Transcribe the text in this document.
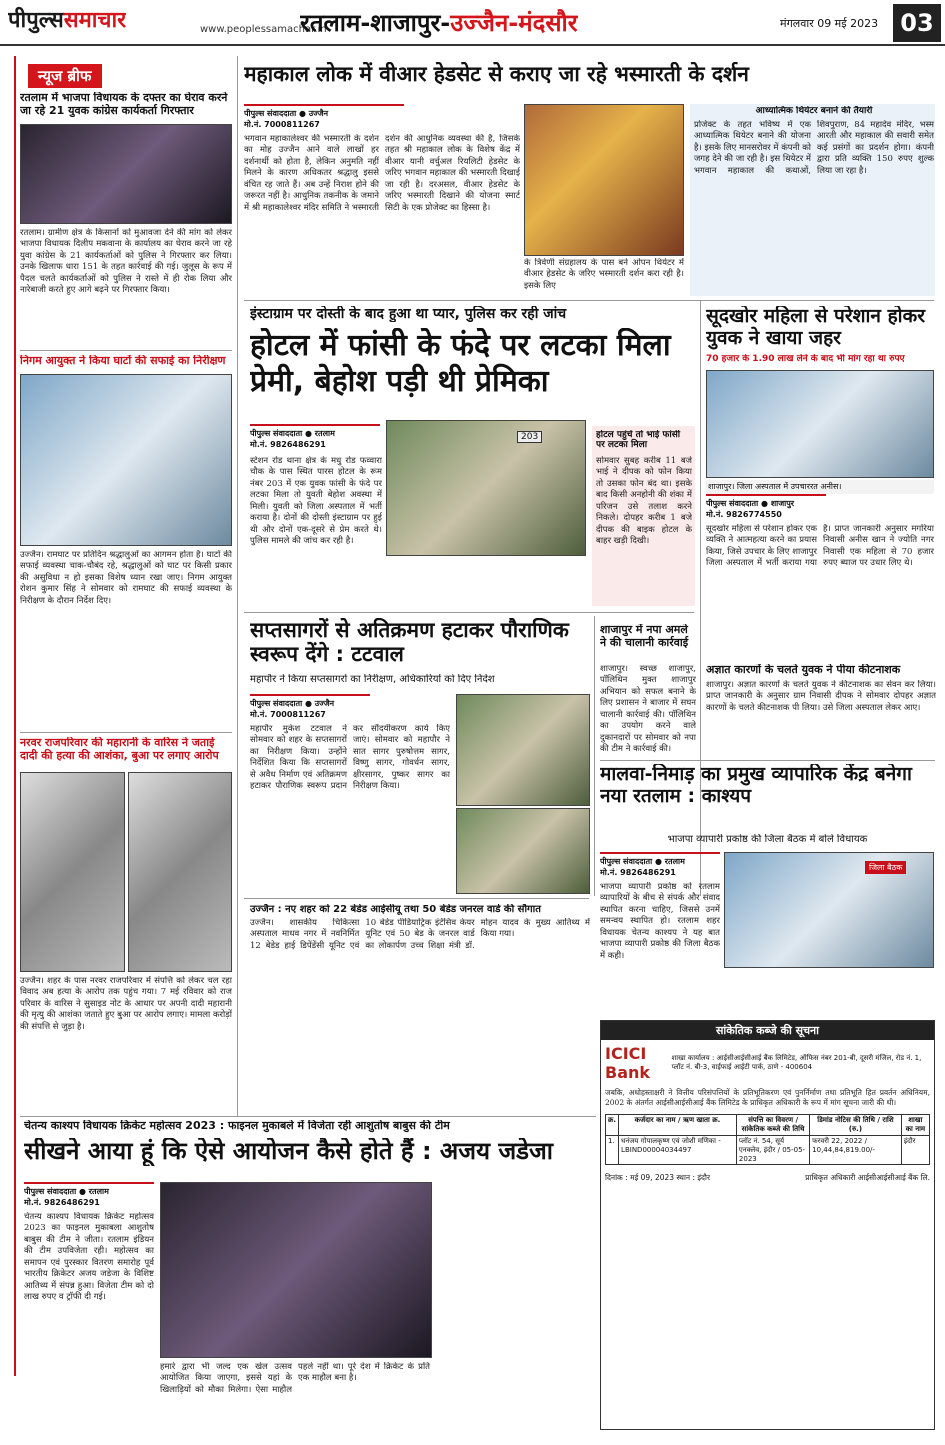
पीपुल्ससमाचार	www.peoplessamachar.in
रतलाम-शाजापुर-उज्जैन-मंदसौर	मंगलवार 09 मई 2023 03
न्यूज ब्रीफ
रतलाम में भाजपा विधायक के दफ्तर का घेराव करने जा रहे 21 युवक कांग्रेस कार्यकर्ता गिरफ्तार
रतलाम। ग्रामीण क्षेत्र के किसानों को मुआवजा देने की मांग को लेकर भाजपा विधायक दिलीप मकवाना के कार्यालय का घेराव करने जा रहे युवा कांग्रेस के 21 कार्यकर्ताओं को पुलिस ने गिरफ्तार कर लिया। उनके खिलाफ धारा 151 के तहत कार्रवाई की गई। जुलूस के रूप में पैदल चलते कार्यकर्ताओं को पुलिस ने रास्ते में ही रोक लिया और नारेबाजी करते हुए आगे बढ़ने पर गिरफ्तार किया।
निगम आयुक्त ने किया घाटों की सफाई का निरीक्षण
उज्जैन। रामघाट पर प्रतिदिन श्रद्धालुओं का आगमन होता है। घाटों की सफाई व्यवस्था चाक-चौबंद रहे, श्रद्धालुओं को घाट पर किसी प्रकार की असुविधा न हो इसका विशेष ध्यान रखा जाए। निगम आयुक्त रोशन कुमार सिंह ने सोमवार को रामघाट की सफाई व्यवस्था के निरीक्षण के दौरान निर्देश दिए।
नरवर राजपरिवार की महारानी के वारिस ने जताई दादी की हत्या की आशंका, बुआ पर लगाए आरोप
उज्जैन। शहर के पास नरवर राजपरिवार में संपत्ति को लेकर चल रहा विवाद अब हत्या के आरोप तक पहुंच गया। 7 मई रविवार को राज परिवार के वारिस ने सुसाइड नोट के आधार पर अपनी दादी महारानी की मृत्यु की आशंका जताते हुए बुआ पर आरोप लगाए। मामला करोड़ों की संपत्ति से जुड़ा है।
महाकाल लोक में वीआर हेडसेट से कराए जा रहे भस्मारती के दर्शन
पीपुल्स संवाददाता ● उज्जैन
मो.नं. 7000811267
भगवान महाकालेश्वर की भस्मारती के दर्शन का मोह उज्जैन आने वाले लाखों हर दर्शनार्थी को होता है, लेकिन अनुमति नहीं मिलने के कारण अधिकतर श्रद्धालु इससे वंचित रह जाते हैं। अब उन्हें निराश होने की जरूरत नहीं है। आधुनिक तकनीक के जमाने में श्री महाकालेश्वर मंदिर समिति ने भस्मारती दर्शन की आधुनिक व्यवस्था की है, जिसके तहत श्री महाकाल लोक के विशेष केंद्र में वीआर यानी वर्चुअल रियलिटी हेडसेट के जरिए भगवान महाकाल की भस्मारती दिखाई जा रही है। दरअसल, वीआर हेडसेट के जरिए भस्मारती दिखाने की योजना स्मार्ट सिटी के एक प्रोजेक्ट का हिस्सा है।
के त्रिवेणी संग्रहालय के पास बने ओपन थियेटर में वीआर हेडसेट के जरिए भस्मारती दर्शन करा रही है। इसके लिए
आध्यात्मिक थियेटर बनाने की तैयारी
प्रोजेक्ट के तहत भविष्य में एक आध्यात्मिक थियेटर बनाने की योजना है। इसके लिए मानसरोवर में कंपनी को जगह देने की जा रही है। इस थियेटर में भगवान महाकाल की कथाओं, शिवपुराण, 84 महादेव मंदिर, भस्म आरती और महाकाल की सवारी समेत कई प्रसंगों का प्रदर्शन होगा। कंपनी द्वारा प्रति व्यक्ति 150 रुपए शुल्क लिया जा रहा है।
इंस्टाग्राम पर दोस्ती के बाद हुआ था प्यार, पुलिस कर रही जांच
होटल में फांसी के फंदे पर लटका मिला प्रेमी, बेहोश पड़ी थी प्रेमिका
पीपुल्स संवाददाता ● रतलाम
मो.नं. 9826486291
203
स्टेशन रोड थाना क्षेत्र के मधु रोड फव्वारा चौक के पास स्थित पारस होटल के रूम नंबर 203 में एक युवक फांसी के फंदे पर लटका मिला तो युवती बेहोश अवस्था में मिली। युवती को जिला अस्पताल में भर्ती कराया है। दोनों की दोस्ती इंस्टाग्राम पर हुई थी और दोनों एक-दूसरे से प्रेम करते थे। पुलिस मामले की जांच कर रही है।
होटल पहुंचे तो भाई फांसी पर लटका मिला
सोमवार सुबह करीब 11 बजे भाई ने दीपक को फोन किया तो उसका फोन बंद था। इसके बाद किसी अनहोनी की शंका में परिजन उसे तलाश करने निकले। दोपहर करीब 1 बजे दीपक की बाइक होटल के बाहर खड़ी दिखी।
सूदखोर महिला से परेशान होकर युवक ने खाया जहर
70 हजार के 1.90 लाख लेने के बाद भी मांग रहा था रुपए
शाजापुर। जिला अस्पताल में उपचाररत अनीस।
पीपुल्स संवाददाता ● शाजापुर
मो.नं. 9826774550
सूदखोर महिला से परेशान होकर एक व्यक्ति ने आत्महत्या करने का प्रयास किया, जिसे उपचार के लिए शाजापुर जिला अस्पताल में भर्ती कराया गया है। प्राप्त जानकारी अनुसार मगरिया निवासी अनीस खान ने ज्योति नगर निवासी एक महिला से 70 हजार रुपए ब्याज पर उधार लिए थे।
सप्तसागरों से अतिक्रमण हटाकर पौराणिक स्वरूप देंगे : टटवाल
महापौर ने किया सप्तसागरों का निरीक्षण, अधिकारियों को दिए निर्देश
पीपुल्स संवाददाता ● उज्जैन
मो.नं. 7000811267
महापौर मुकेश टटवाल ने सोमवार को शहर के सप्तसागरों का निरीक्षण किया। उन्होंने निर्देशित किया कि सप्तसागरों से अवैध निर्माण एवं अतिक्रमण हटाकर पौराणिक स्वरूप प्रदान कर सौंदर्यीकरण कार्य किए जाएं। सोमवार को महापौर ने सात सागर पुरुषोत्तम सागर, विष्णु सागर, गोवर्धन सागर, क्षीरसागर, पुष्कर सागर का निरीक्षण किया।
शाजापुर में नपा अमले ने की चालानी कार्रवाई
शाजापुर। स्वच्छ शाजापुर, पॉलिथिन मुक्त शाजापुर अभियान को सफल बनाने के लिए प्रशासन ने बाजार में सघन चालानी कार्रवाई की। पॉलिथिन का उपयोग करने वाले दुकानदारों पर सोमवार को नपा की टीम ने कार्रवाई की।
अज्ञात कारणों के चलते युवक ने पीया कीटनाशक
शाजापुर। अज्ञात कारणों के चलते युवक ने कीटनाशक का सेवन कर लिया। प्राप्त जानकारी के अनुसार ग्राम निवासी दीपक ने सोमवार दोपहर अज्ञात कारणों के चलते कीटनाशक पी लिया। उसे जिला अस्पताल लेकर आए।
उज्जैन : नए शहर को 22 बेडेड आईसीयू तथा 50 बेडेड जनरल वार्ड की सौगात
उज्जैन। शासकीय चिकित्सा अस्पताल माधव नगर में नवनिर्मित 12 बेडेड हाई डिपेंडेंसी यूनिट एवं 10 बेडेड पीडियाट्रिक इंटेंसिव केयर यूनिट एवं 50 बेड के जनरल वार्ड का लोकार्पण उच्च शिक्षा मंत्री डॉ. मोहन यादव के मुख्य आतिथ्य में किया गया।
मालवा-निमाड़ का प्रमुख व्यापारिक केंद्र बनेगा नया रतलाम : काश्यप
भाजपा व्यापारी प्रकोष्ठ की जिला बैठक में बोले विधायक
पीपुल्स संवाददाता ● रतलाम
मो.नं. 9826486291
भाजपा व्यापारी प्रकोष्ठ को रतलाम व्यापारियों के बीच से संपर्क और संवाद स्थापित करना चाहिए, जिससे उनमें समन्वय स्थापित हो। रतलाम शहर विधायक चेतन्य काश्यप ने यह बात भाजपा व्यापारी प्रकोष्ठ की जिला बैठक में कही।
जिला बैठक
चेतन्य काश्यप विधायक क्रिकेट महोत्सव 2023 : फाइनल मुकाबले में विजेता रही आशुतोष बाबुस की टीम
सीखने आया हूं कि ऐसे आयोजन कैसे होते हैं : अजय जडेजा
पीपुल्स संवाददाता ● रतलाम
मो.नं. 9826486291
चेतन्य काश्यप विधायक क्रिकेट महोत्सव 2023 का फाइनल मुकाबला आशुतोष बाबुस की टीम ने जीता। रतलाम इंडियन की टीम उपविजेता रही। महोत्सव का समापन एवं पुरस्कार वितरण समारोह पूर्व भारतीय क्रिकेटर अजय जडेजा के विशिष्ट आतिथ्य में संपन्न हुआ। विजेता टीम को दो लाख रुपए व ट्रॉफी दी गई।
हमारे द्वारा भी जल्द एक खेल उत्सव आयोजित किया जाएगा, इससे यहां के खिलाड़ियों को मौका मिलेगा। ऐसा माहौल पहले नहीं था। पूरे देश में क्रिकेट के प्रति एक माहौल बना है।
सांकेतिक कब्जे की सूचना
ICICI Bank
शाखा कार्यालय : आईसीआईसीआई बैंक लिमिटेड, ऑफिस नंबर 201-बी, दूसरी मंजिल, रोड नं. 1, प्लॉट नं. बी-3, वाईफाई आईटी पार्क, ठाणे - 400604
जबकि, अधोहस्ताक्षरी ने वित्तीय परिसंपत्तियों के प्रतिभूतिकरण एवं पुनर्निर्माण तथा प्रतिभूति हित प्रवर्तन अधिनियम, 2002 के अंतर्गत आईसीआईसीआई बैंक लिमिटेड के प्राधिकृत अधिकारी के रूप में मांग सूचना जारी की थी।
क्र.	कर्जदार का नाम / ऋण खाता क्र.	संपत्ति का विवरण / सांकेतिक कब्जे की तिथि	डिमांड नोटिस की तिथि / राशि (रु.)	शाखा का नाम
1.	धनंजय गोपालकृष्ण एवं जोशी मणिका - LBIND00004034497	प्लॉट नं. 54, सूर्य एनक्लेव, इंदौर / 05-05-2023	फरवरी 22, 2022 / 10,44,84,819.00/-	इंदौर
दिनांक : मई 09, 2023 स्थान : इंदौर	प्राधिकृत अधिकारी आईसीआईसीआई बैंक लि.
